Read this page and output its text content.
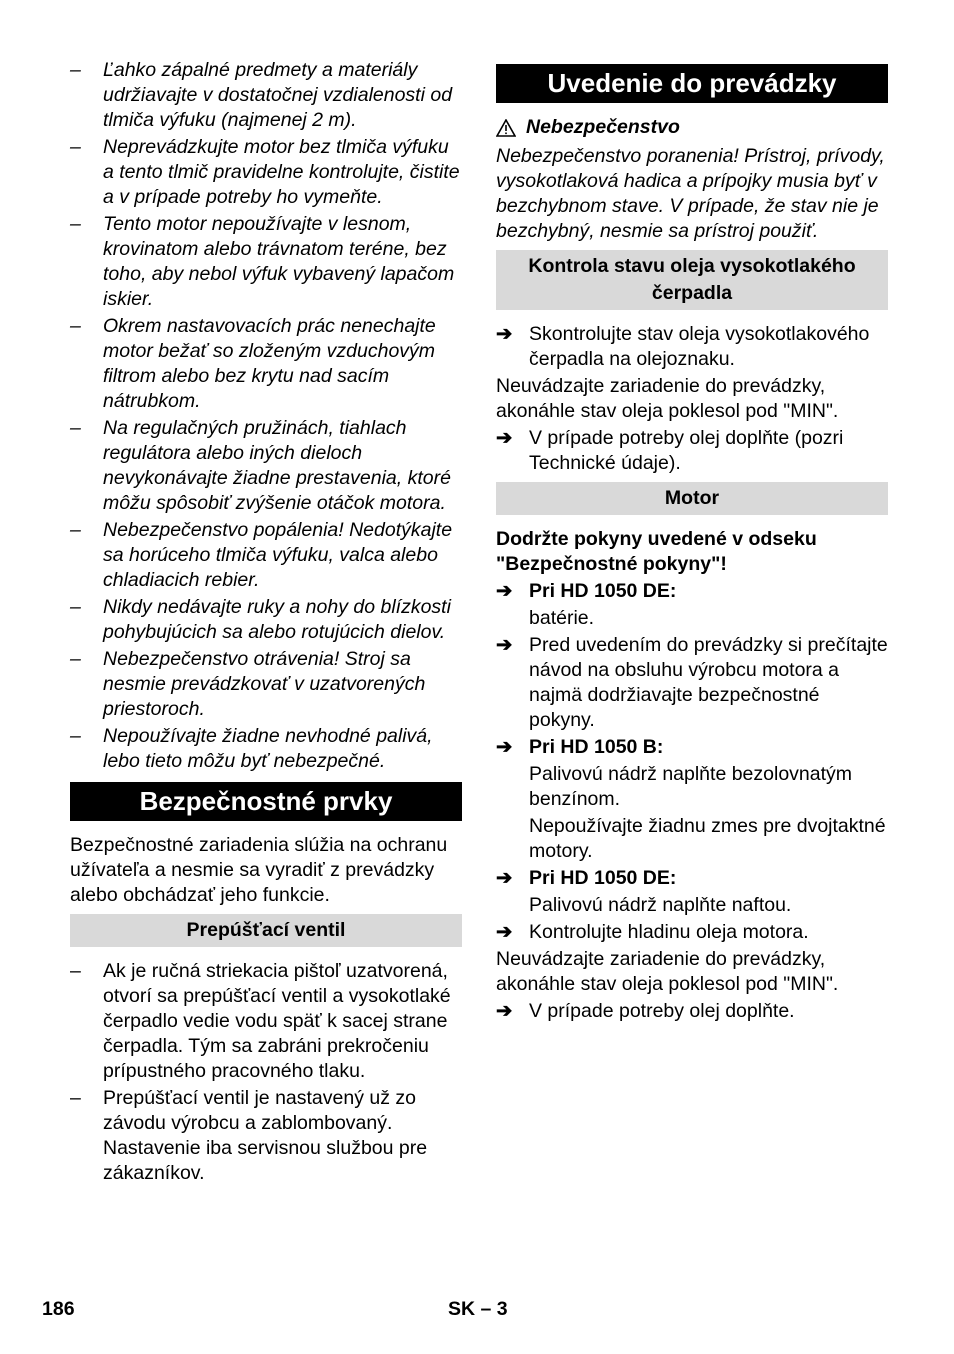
– Ľahko zápalné predmety a materiály udržiavajte v dostatočnej vzdialenosti od tlmiča výfuku (najmenej 2 m).
– Neprevádzkujte motor bez tlmiča výfuku a tento tlmič pravidelne kontrolujte, čistite a v prípade potreby ho vymeňte.
– Tento motor nepoužívajte v lesnom, krovinatom alebo trávnatom teréne, bez toho, aby nebol výfuk vybavený lapačom iskier.
– Okrem nastavovacích prác nenechajte motor bežať so zloženým vzduchovým filtrom alebo bez krytu nad sacím nátrubkom.
– Na regulačných pružinách, tiahlach regulátora alebo iných dieloch nevykonávajte žiadne prestavenia, ktoré môžu spôsobiť zvýšenie otáčok motora.
– Nebezpečenstvo popálenia! Nedotýkajte sa horúceho tlmiča výfuku, valca alebo chladiacich rebier.
– Nikdy nedávajte ruky a nohy do blízkosti pohybujúcich sa alebo rotujúcich dielov.
– Nebezpečenstvo otrávenia! Stroj sa nesmie prevádzkovať v uzatvorených priestoroch.
– Nepoužívajte žiadne nevhodné palivá, lebo tieto môžu byť nebezpečné.
Bezpečnostné prvky
Bezpečnostné zariadenia slúžia na ochranu užívateľa a nesmie sa vyradiť z prevádzky alebo obchádzať jeho funkcie.
Prepúšťací ventil
– Ak je ručná striekacia pištoľ uzatvorená, otvorí sa prepúšťací ventil a vysokotlaké čerpadlo vedie vodu späť k sacej strane čerpadla. Tým sa zabráni prekročeniu prípustného pracovného tlaku.
– Prepúšťací ventil je nastavený už zo závodu výrobcu a zablombovaný. Nastavenie iba servisnou službou pre zákazníkov.
Uvedenie do prevádzky
Nebezpečenstvo
Nebezpečenstvo poranenia! Prístroj, prívody, vysokotlaková hadica a prípojky musia byť v bezchybnom stave. V prípade, že stav nie je bezchybný, nesmie sa prístroj použiť.
Kontrola stavu oleja vysokotlakého čerpadla
➔ Skontrolujte stav oleja vysokotlakového čerpadla na olejoznaku.
Neuvádzajte zariadenie do prevádzky, akonáhle stav oleja poklesol pod "MIN".
➔ V prípade potreby olej doplňte (pozri Technické údaje).
Motor
Dodržte pokyny uvedené v odseku "Bezpečnostné pokyny"!
➔ Pri HD 1050 DE:
batérie.
➔ Pred uvedením do prevádzky si prečítajte návod na obsluhu výrobcu motora a najmä dodržiavajte bezpečnostné pokyny.
➔ Pri HD 1050 B:
Palivovú nádrž naplňte bezolovnatým benzínom.
Nepoužívajte žiadnu zmes pre dvojtaktné motory.
➔ Pri HD 1050 DE:
Palivovú nádrž naplňte naftou.
➔ Kontrolujte hladinu oleja motora.
Neuvádzajte zariadenie do prevádzky, akonáhle stav oleja poklesol pod "MIN".
➔ V prípade potreby olej doplňte.
186	SK – 3
